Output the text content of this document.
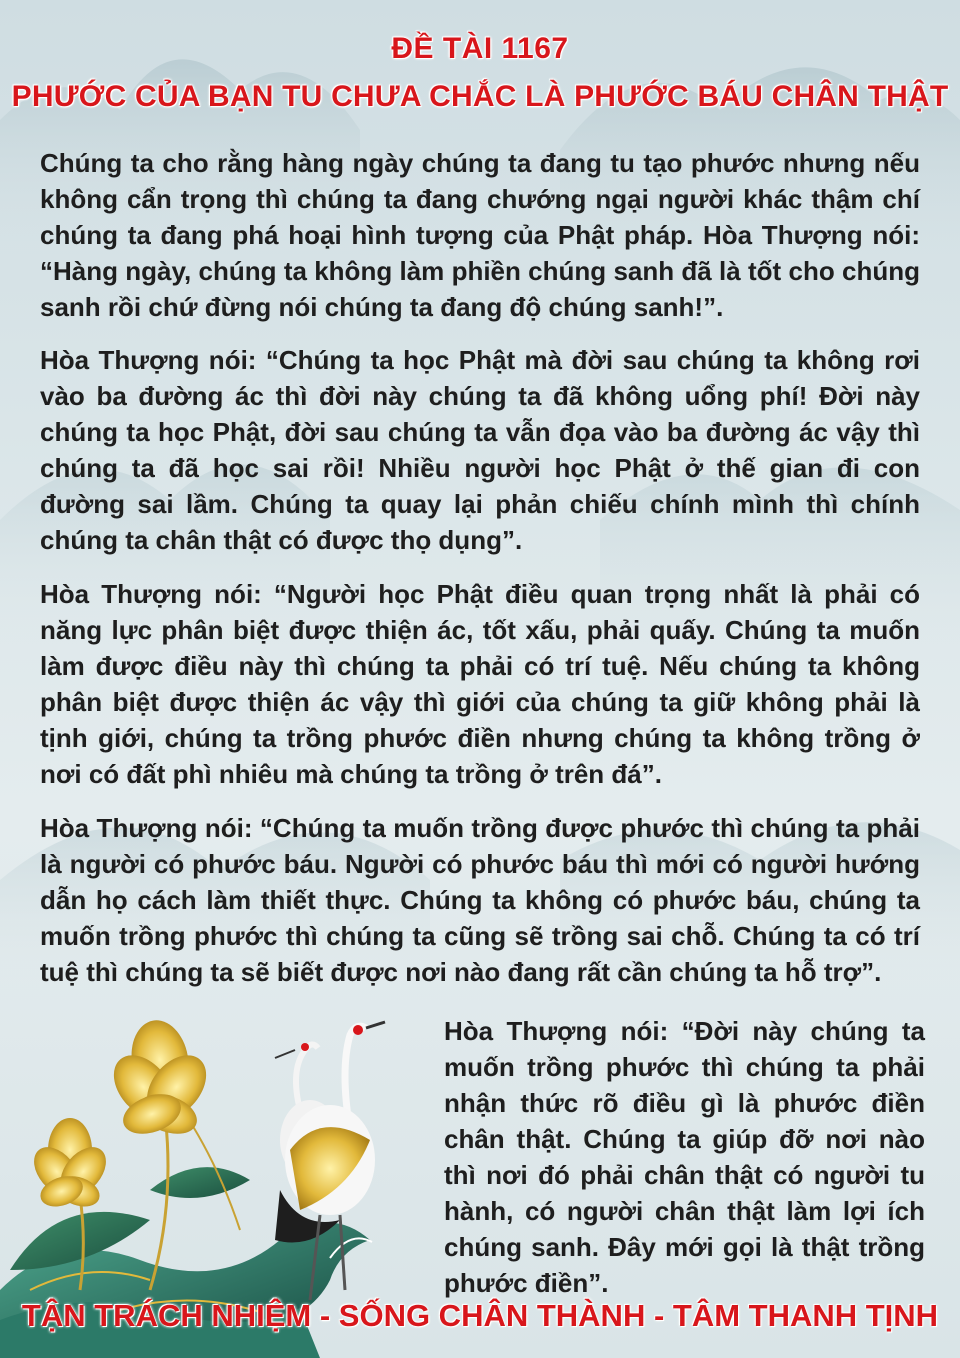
ĐỀ TÀI 1167
PHƯỚC CỦA BẠN TU CHƯA CHẮC LÀ PHƯỚC BÁU CHÂN THẬT

Chúng ta cho rằng hàng ngày chúng ta đang tu tạo phước nhưng nếu không cẩn trọng thì chúng ta đang chướng ngại người khác thậm chí chúng ta đang phá hoại hình tượng của Phật pháp. Hòa Thượng nói: “Hàng ngày, chúng ta không làm phiền chúng sanh đã là tốt cho chúng sanh rồi chứ đừng nói chúng ta đang độ chúng sanh!”.

Hòa Thượng nói: “Chúng ta học Phật mà đời sau chúng ta không rơi vào ba đường ác thì đời này chúng ta đã không uổng phí! Đời này chúng ta học Phật, đời sau chúng ta vẫn đọa vào ba đường ác vậy thì chúng ta đã học sai rồi! Nhiều người học Phật ở thế gian đi con đường sai lầm. Chúng ta quay lại phản chiếu chính mình thì chính chúng ta chân thật có được thọ dụng”.

Hòa Thượng nói: “Người học Phật điều quan trọng nhất là phải có năng lực phân biệt được thiện ác, tốt xấu, phải quấy. Chúng ta muốn làm được điều này thì chúng ta phải có trí tuệ. Nếu chúng ta không phân biệt được thiện ác vậy thì giới của chúng ta giữ không phải là tịnh giới, chúng ta trồng phước điền nhưng chúng ta không trồng ở nơi có đất phì nhiêu mà chúng ta trồng ở trên đá”.

Hòa Thượng nói: “Chúng ta muốn trồng được phước thì chúng ta phải là người có phước báu. Người có phước báu thì mới có người hướng dẫn họ cách làm thiết thực. Chúng ta không có phước báu, chúng ta muốn trồng phước thì chúng ta cũng sẽ trồng sai chỗ. Chúng ta có trí tuệ thì chúng ta sẽ biết được nơi nào đang rất cần chúng ta hỗ trợ”.

Hòa Thượng nói: “Đời này chúng ta muốn trồng phước thì chúng ta phải nhận thức rõ điều gì là phước điền chân thật. Chúng ta giúp đỡ nơi nào thì nơi đó phải chân thật có người tu hành, có người chân thật làm lợi ích chúng sanh. Đây mới gọi là thật trồng phước điền”.

TẬN TRÁCH NHIỆM - SỐNG CHÂN THÀNH - TÂM THANH TỊNH
